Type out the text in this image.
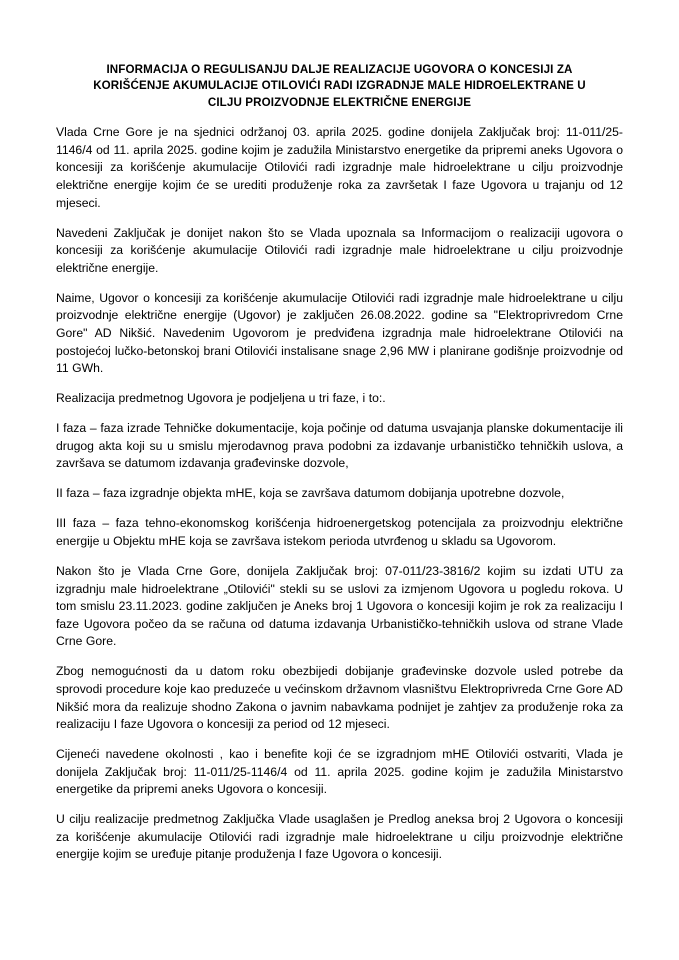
INFORMACIJA O REGULISANJU DALJE REALIZACIJE UGOVORA O KONCESIJI ZA
KORIŠĆENJE AKUMULACIJE OTILOVIĆI RADI IZGRADNJE MALE HIDROELEKTRANE U
CILJU PROIZVODNJE ELEKTRIČNE ENERGIJE

Vlada Crne Gore je na sjednici održanoj 03. aprila 2025. godine donijela Zaključak broj: 11-011/25-1146/4 od 11. aprila 2025. godine kojim je zadužila Ministarstvo energetike da pripremi aneks Ugovora o koncesiji za korišćenje akumulacije Otilovići radi izgradnje male hidroelektrane u cilju proizvodnje električne energije kojim će se urediti produženje roka za završetak I faze Ugovora u trajanju od 12 mjeseci.

Navedeni Zaključak je donijet nakon što se Vlada upoznala sa Informacijom o realizaciji ugovora o koncesiji za korišćenje akumulacije Otilovići radi izgradnje male hidroelektrane u cilju proizvodnje električne energije.

Naime, Ugovor o koncesiji za korišćenje akumulacije Otilovići radi izgradnje male hidroelektrane u cilju proizvodnje električne energije (Ugovor) je zaključen 26.08.2022. godine sa "Elektroprivredom Crne Gore" AD Nikšić. Navedenim Ugovorom je predviđena izgradnja male hidroelektrane Otilovići na postojećoj lučko-betonskoj brani Otilovići instalisane snage 2,96 MW i planirane godišnje proizvodnje od 11 GWh.

Realizacija predmetnog Ugovora je podjeljena u tri faze, i to:.

I faza – faza izrade Tehničke dokumentacije, koja počinje od datuma usvajanja planske dokumentacije ili drugog akta koji su u smislu mjerodavnog prava podobni za izdavanje urbanističko tehničkih uslova, a završava se datumom izdavanja građevinske dozvole,

II faza – faza izgradnje objekta mHE, koja se završava datumom dobijanja upotrebne dozvole,

III faza – faza tehno-ekonomskog korišćenja hidroenergetskog potencijala za proizvodnju električne energije u Objektu mHE koja se završava istekom perioda utvrđenog u skladu sa Ugovorom.

Nakon što je Vlada Crne Gore, donijela Zaključak broj: 07-011/23-3816/2 kojim su izdati UTU za izgradnju male hidroelektrane „Otilovići" stekli su se uslovi za izmjenom Ugovora u pogledu rokova. U tom smislu 23.11.2023. godine zaključen je Aneks broj 1 Ugovora o koncesiji kojim je rok za realizaciju I faze Ugovora počeo da se računa od datuma izdavanja Urbanističko-tehničkih uslova od strane Vlade Crne Gore.

Zbog nemogućnosti da u datom roku obezbijedi dobijanje građevinske dozvole usled potrebe da sprovodi procedure koje kao preduzeće u većinskom državnom vlasništvu Elektroprivreda Crne Gore AD Nikšić mora da realizuje shodno Zakona o javnim nabavkama podnijet je zahtjev za produženje roka za realizaciju I faze Ugovora o koncesiji za period od 12 mjeseci.

Cijeneći navedene okolnosti , kao i benefite koji će se izgradnjom mHE Otilovići ostvariti, Vlada je donijela Zaključak broj: 11-011/25-1146/4 od 11. aprila 2025. godine kojim je zadužila Ministarstvo energetike da pripremi aneks Ugovora o koncesiji.

U cilju realizacije predmetnog Zaključka Vlade usaglašen je Predlog aneksa broj 2 Ugovora o koncesiji za korišćenje akumulacije Otilovići radi izgradnje male hidroelektrane u cilju proizvodnje električne energije kojim se uređuje pitanje produženja I faze Ugovora o koncesiji.
